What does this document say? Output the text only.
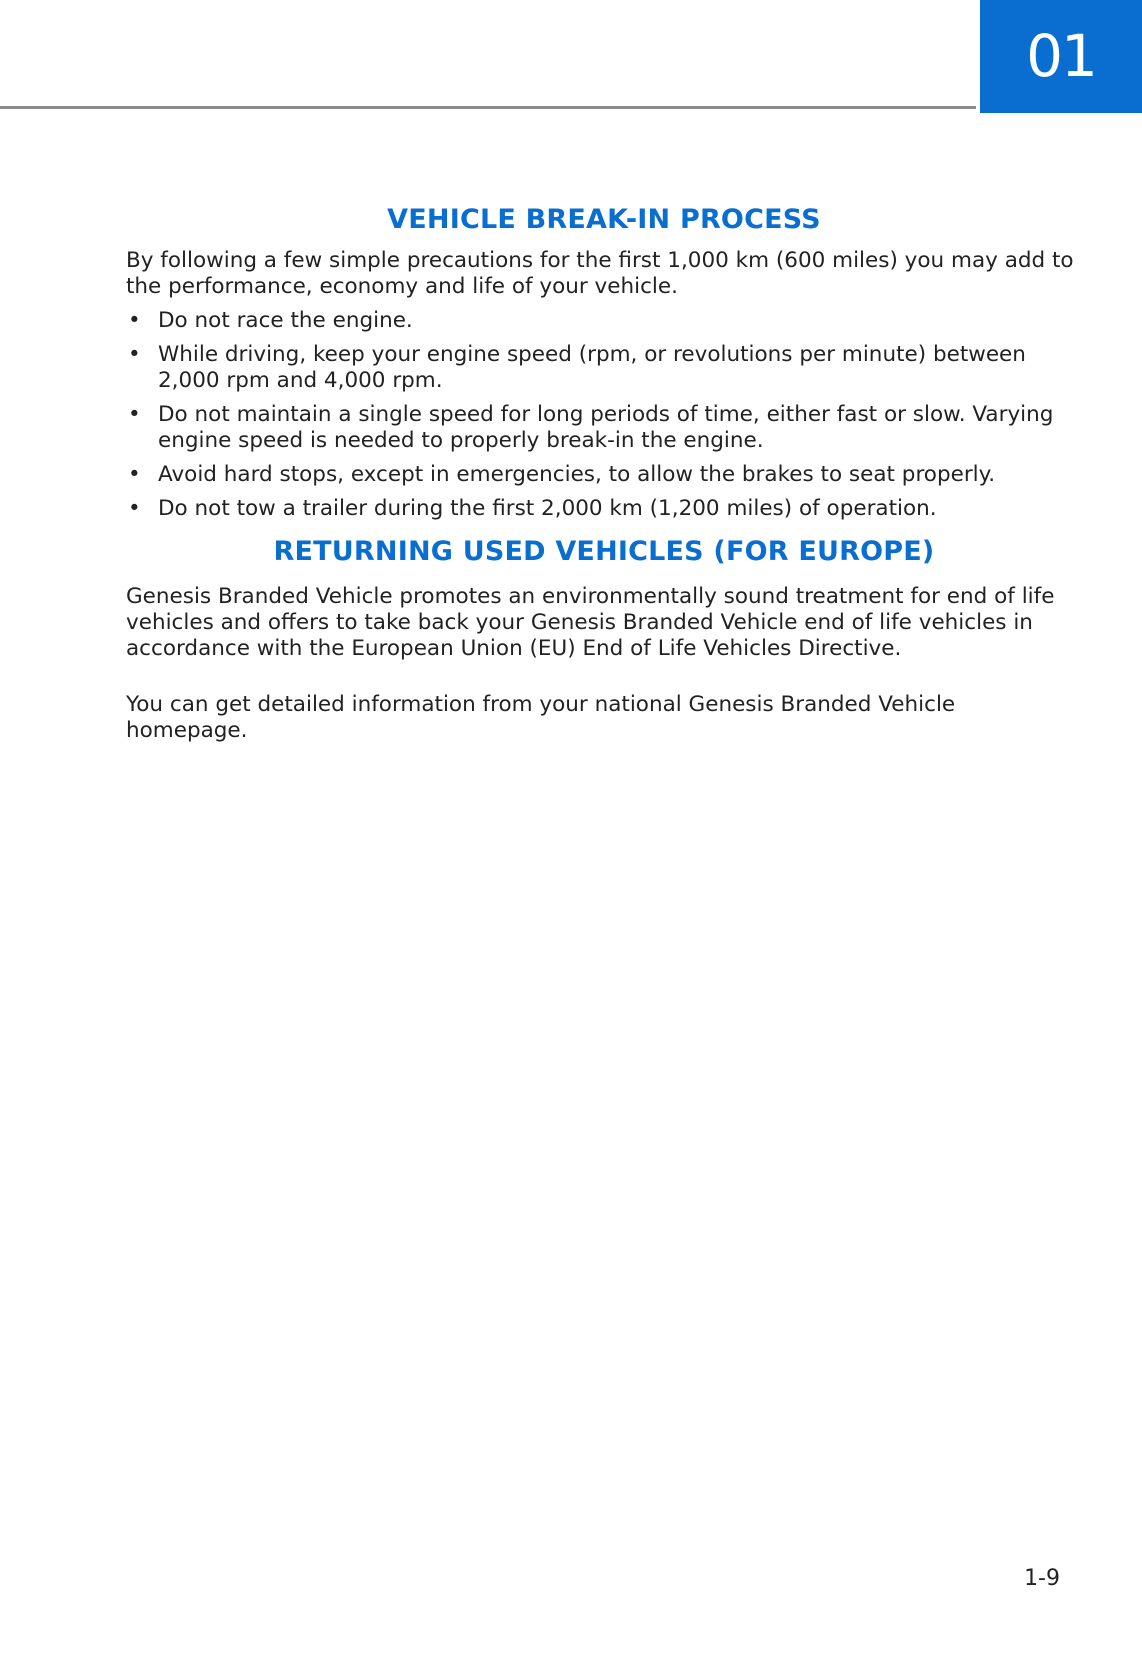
01
VEHICLE BREAK-IN PROCESS

By following a few simple precautions for the first 1,000 km (600 miles) you may add to the performance, economy and life of your vehicle.

• Do not race the engine.
• While driving, keep your engine speed (rpm, or revolutions per minute) between 2,000 rpm and 4,000 rpm.
• Do not maintain a single speed for long periods of time, either fast or slow. Varying engine speed is needed to properly break-in the engine.
• Avoid hard stops, except in emergencies, to allow the brakes to seat properly.
• Do not tow a trailer during the first 2,000 km (1,200 miles) of operation.
RETURNING USED VEHICLES (FOR EUROPE)

Genesis Branded Vehicle promotes an environmentally sound treatment for end of life vehicles and offers to take back your Genesis Branded Vehicle end of life vehicles in accordance with the European Union (EU) End of Life Vehicles Directive.

You can get detailed information from your national Genesis Branded Vehicle homepage.

1-9
